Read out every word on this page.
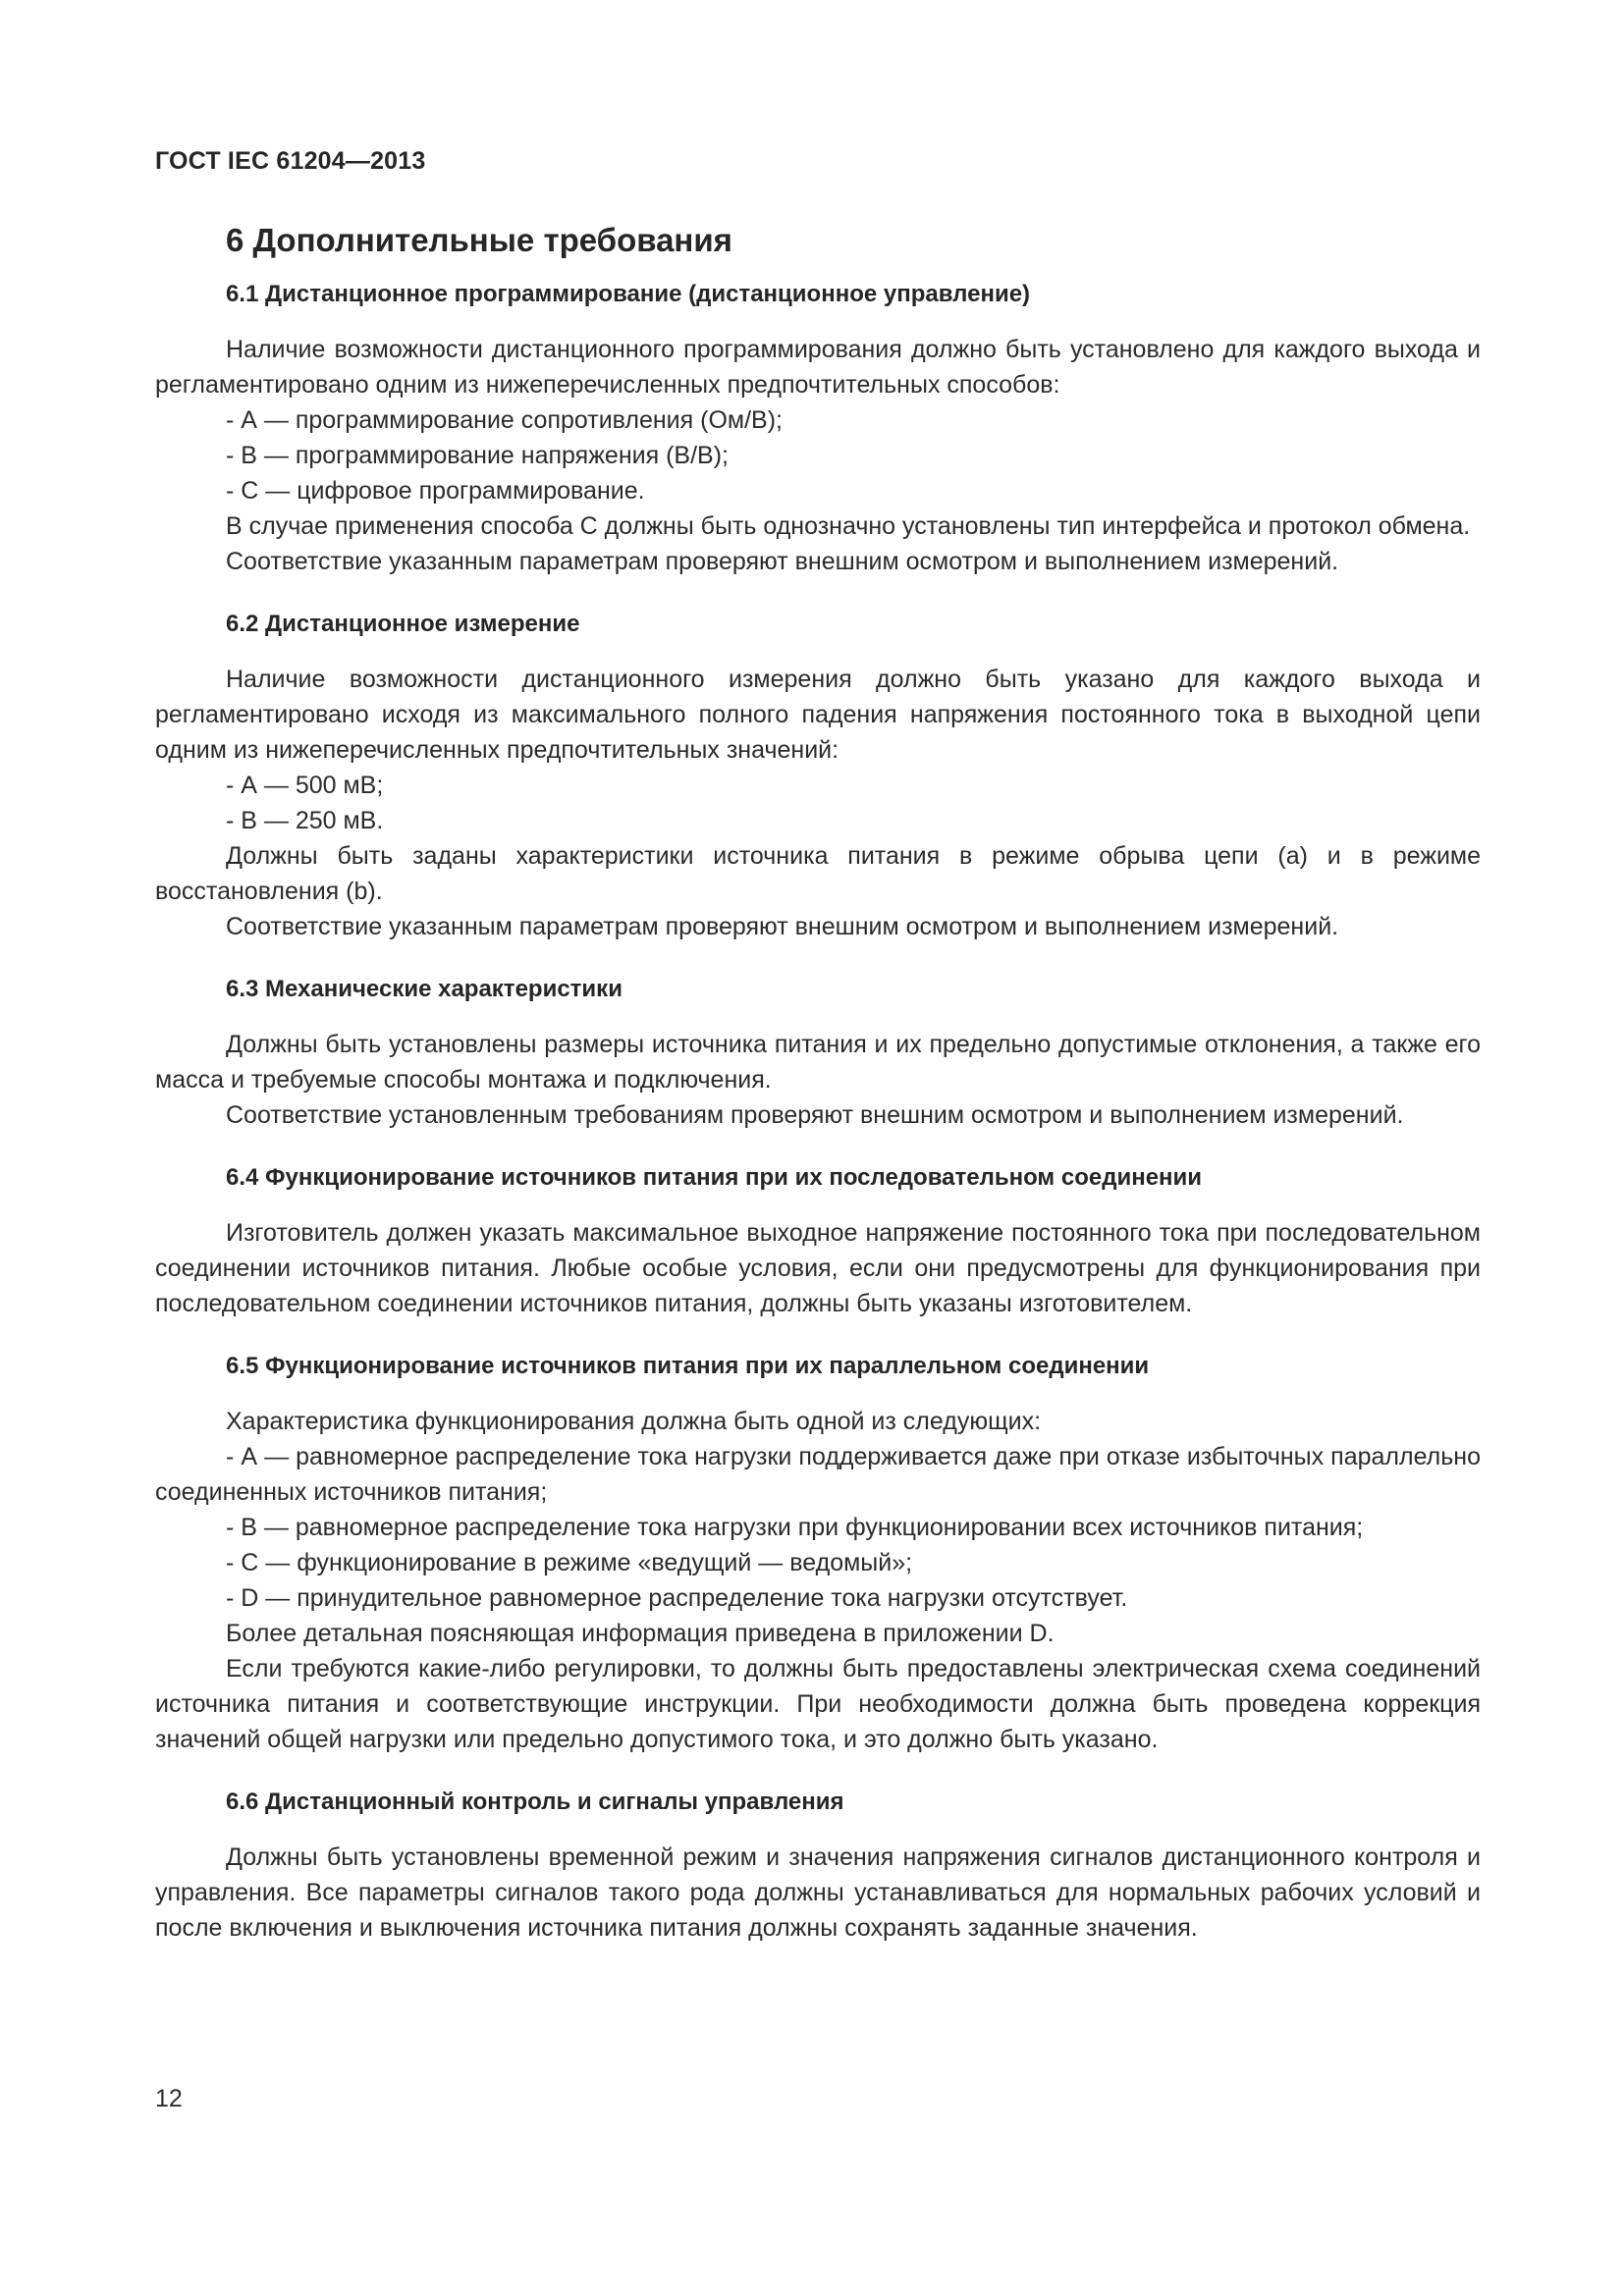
ГОСТ IEC 61204—2013
6 Дополнительные требования
6.1 Дистанционное программирование (дистанционное управление)

Наличие возможности дистанционного программирования должно быть установлено для каждого выхода и регламентировано одним из нижеперечисленных предпочтительных способов:

- А — программирование сопротивления (Ом/В);

- В — программирование напряжения (В/В);

- С — цифровое программирование.

В случае применения способа С должны быть однозначно установлены тип интерфейса и протокол обмена.

Соответствие указанным параметрам проверяют внешним осмотром и выполнением измерений.

6.2 Дистанционное измерение

Наличие возможности дистанционного измерения должно быть указано для каждого выхода и регламентировано исходя из максимального полного падения напряжения постоянного тока в выходной цепи одним из нижеперечисленных предпочтительных значений:

- А — 500 мВ;

- В — 250 мВ.

Должны быть заданы характеристики источника питания в режиме обрыва цепи (a) и в режиме восстановления (b).

Соответствие указанным параметрам проверяют внешним осмотром и выполнением измерений.

6.3 Механические характеристики

Должны быть установлены размеры источника питания и их предельно допустимые отклонения, а также его масса и требуемые способы монтажа и подключения.

Соответствие установленным требованиям проверяют внешним осмотром и выполнением измерений.

6.4 Функционирование источников питания при их последовательном соединении

Изготовитель должен указать максимальное выходное напряжение постоянного тока при последовательном соединении источников питания. Любые особые условия, если они предусмотрены для функционирования при последовательном соединении источников питания, должны быть указаны изготовителем.

6.5 Функционирование источников питания при их параллельном соединении

Характеристика функционирования должна быть одной из следующих:

- А — равномерное распределение тока нагрузки поддерживается даже при отказе избыточных параллельно соединенных источников питания;

- В — равномерное распределение тока нагрузки при функционировании всех источников питания;

- С — функционирование в режиме «ведущий — ведомый»;

- D — принудительное равномерное распределение тока нагрузки отсутствует.

Более детальная поясняющая информация приведена в приложении D.

Если требуются какие-либо регулировки, то должны быть предоставлены электрическая схема соединений источника питания и соответствующие инструкции. При необходимости должна быть проведена коррекция значений общей нагрузки или предельно допустимого тока, и это должно быть указано.

6.6 Дистанционный контроль и сигналы управления

Должны быть установлены временной режим и значения напряжения сигналов дистанционного контроля и управления. Все параметры сигналов такого рода должны устанавливаться для нормальных рабочих условий и после включения и выключения источника питания должны сохранять заданные значения.

12
